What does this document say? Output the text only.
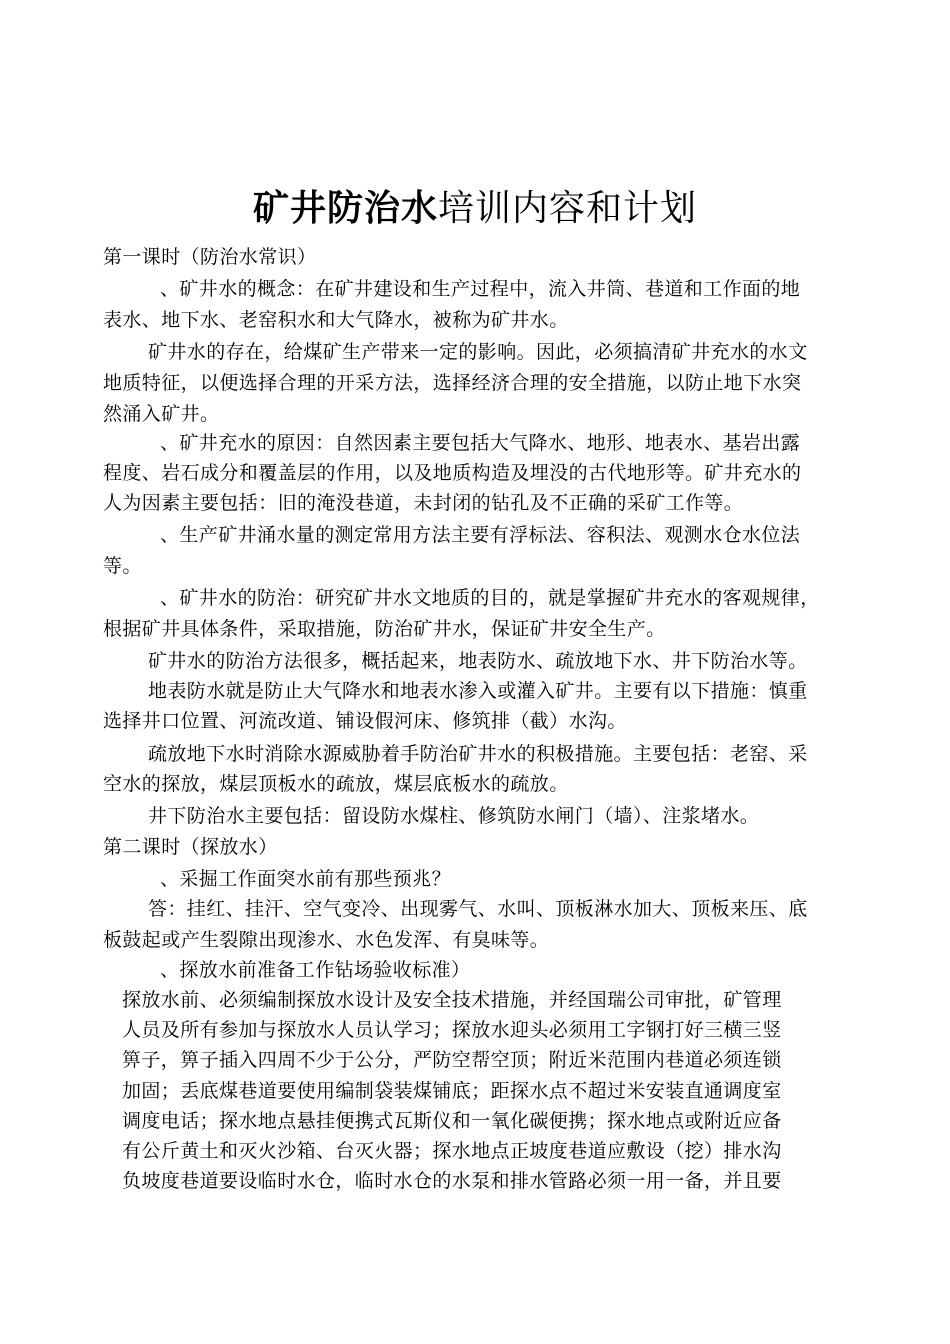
矿井防治水培训内容和计划
第一课时（防治水常识）
、矿井水的概念：在矿井建设和生产过程中，流入井筒、巷道和工作面的地
表水、地下水、老窑积水和大气降水，被称为矿井水。
矿井水的存在，给煤矿生产带来一定的影响。因此，必须搞清矿井充水的水文
地质特征，以便选择合理的开采方法，选择经济合理的安全措施，以防止地下水突
然涌入矿井。
、矿井充水的原因：自然因素主要包括大气降水、地形、地表水、基岩出露
程度、岩石成分和覆盖层的作用，以及地质构造及埋没的古代地形等。矿井充水的
人为因素主要包括：旧的淹没巷道，未封闭的钻孔及不正确的采矿工作等。
、生产矿井涌水量的测定常用方法主要有浮标法、容积法、观测水仓水位法
等。
、矿井水的防治：研究矿井水文地质的目的，就是掌握矿井充水的客观规律，
根据矿井具体条件，采取措施，防治矿井水，保证矿井安全生产。
矿井水的防治方法很多，概括起来，地表防水、疏放地下水、井下防治水等。
地表防水就是防止大气降水和地表水渗入或灌入矿井。主要有以下措施：慎重
选择井口位置、河流改道、铺设假河床、修筑排（截）水沟。
疏放地下水时消除水源威胁着手防治矿井水的积极措施。主要包括：老窑、采
空水的探放，煤层顶板水的疏放，煤层底板水的疏放。
井下防治水主要包括：留设防水煤柱、修筑防水闸门（墙）、注浆堵水。
第二课时（探放水）
、采掘工作面突水前有那些预兆？
答：挂红、挂汗、空气变冷、出现雾气、水叫、顶板淋水加大、顶板来压、底
板鼓起或产生裂隙出现渗水、水色发浑、有臭味等。
、探放水前准备工作钻场验收标准）
探放水前、必须编制探放水设计及安全技术措施，并经国瑞公司审批，矿管理
人员及所有参加与探放水人员认学习；探放水迎头必须用工字钢打好三横三竖
箅子，箅子插入四周不少于公分，严防空帮空顶；附近米范围内巷道必须连锁
加固；丢底煤巷道要使用编制袋装煤铺底；距探水点不超过米安装直通调度室
调度电话；探水地点悬挂便携式瓦斯仪和一氧化碳便携；探水地点或附近应备
有公斤黄土和灭火沙箱、台灭火器；探水地点正坡度巷道应敷设（挖）排水沟
负坡度巷道要设临时水仓，临时水仓的水泵和排水管路必须一用一备，并且要
